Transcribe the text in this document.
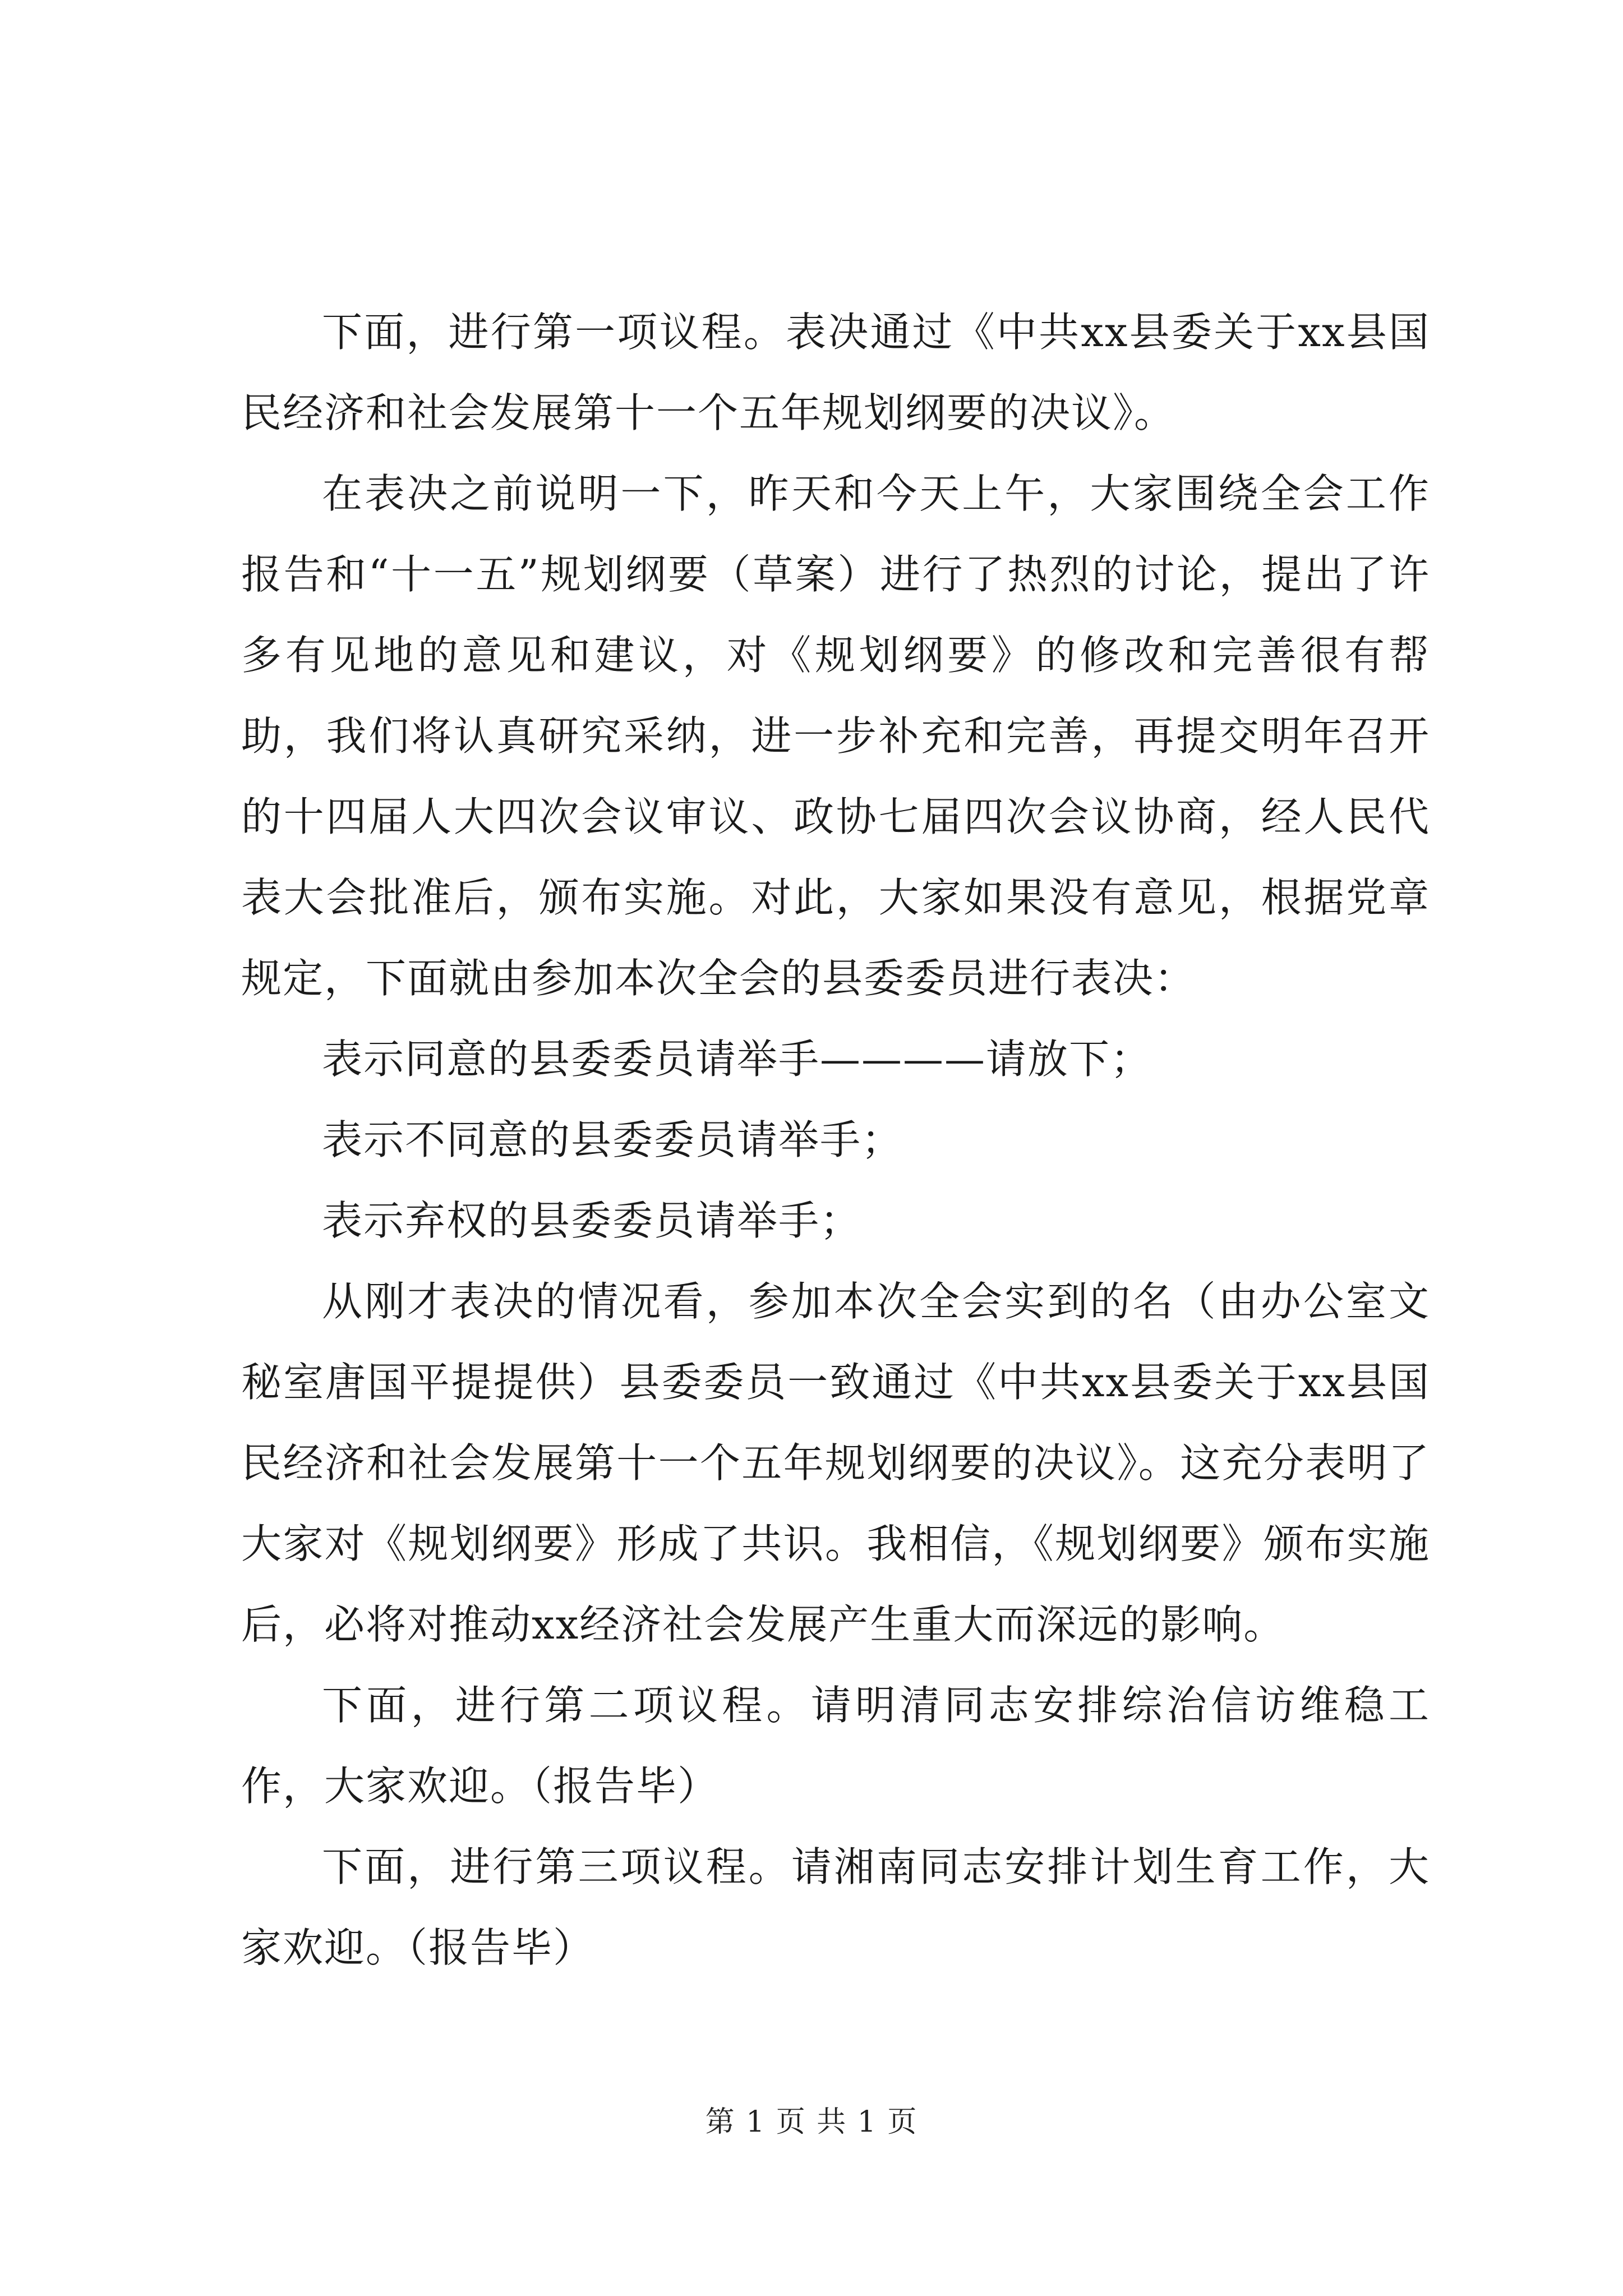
下面，进行第一项议程。表决通过《中共xx县委关于xx县国民经济和社会发展第十一个五年规划纲要的决议》。

在表决之前说明一下，昨天和今天上午，大家围绕全会工作报告和“十一五”规划纲要（草案）进行了热烈的讨论，提出了许多有见地的意见和建议，对《规划纲要》的修改和完善很有帮助，我们将认真研究采纳，进一步补充和完善，再提交明年召开的十四届人大四次会议审议、政协七届四次会议协商，经人民代表大会批准后，颁布实施。对此，大家如果没有意见，根据党章规定，下面就由参加本次全会的县委委员进行表决：

表示同意的县委委员请举手————请放下；

表示不同意的县委委员请举手；

表示弃权的县委委员请举手；

从刚才表决的情况看，参加本次全会实到的名（由办公室文秘室唐国平提提供）县委委员一致通过《中共xx县委关于xx县国民经济和社会发展第十一个五年规划纲要的决议》。这充分表明了大家对《规划纲要》形成了共识。我相信，《规划纲要》颁布实施后，必将对推动xx经济社会发展产生重大而深远的影响。

下面，进行第二项议程。请明清同志安排综治信访维稳工作，大家欢迎。（报告毕）

下面，进行第三项议程。请湘南同志安排计划生育工作，大家欢迎。（报告毕）

第 1 页 共 1 页
